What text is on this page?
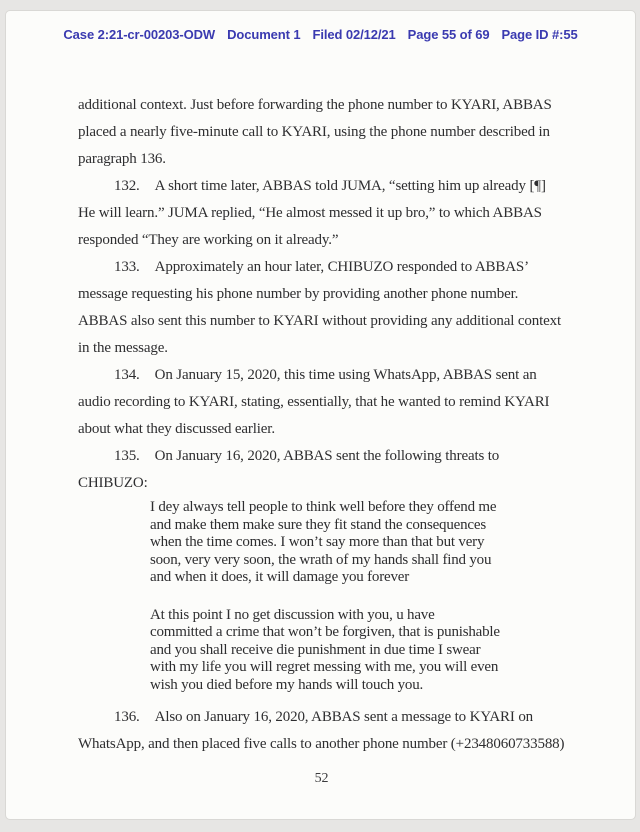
Case 2:21-cr-00203-ODW Document 1 Filed 02/12/21 Page 55 of 69 Page ID #:55

additional context. Just before forwarding the phone number to KYARI, ABBAS placed a nearly five-minute call to KYARI, using the phone number described in paragraph 136.

132. A short time later, ABBAS told JUMA, “setting him up already [¶] He will learn.” JUMA replied, “He almost messed it up bro,” to which ABBAS responded “They are working on it already.”

133. Approximately an hour later, CHIBUZO responded to ABBAS’ message requesting his phone number by providing another phone number. ABBAS also sent this number to KYARI without providing any additional context in the message.

134. On January 15, 2020, this time using WhatsApp, ABBAS sent an audio recording to KYARI, stating, essentially, that he wanted to remind KYARI about what they discussed earlier.

135. On January 16, 2020, ABBAS sent the following threats to CHIBUZO:

I dey always tell people to think well before they offend me and make them make sure they fit stand the consequences when the time comes. I won’t say more than that but very soon, very very soon, the wrath of my hands shall find you and when it does, it will damage you forever
At this point I no get discussion with you, u have committed a crime that won’t be forgiven, that is punishable and you shall receive die punishment in due time I swear with my life you will regret messing with me, you will even wish you died before my hands will touch you.

136. Also on January 16, 2020, ABBAS sent a message to KYARI on WhatsApp, and then placed five calls to another phone number (+2348060733588)

52
